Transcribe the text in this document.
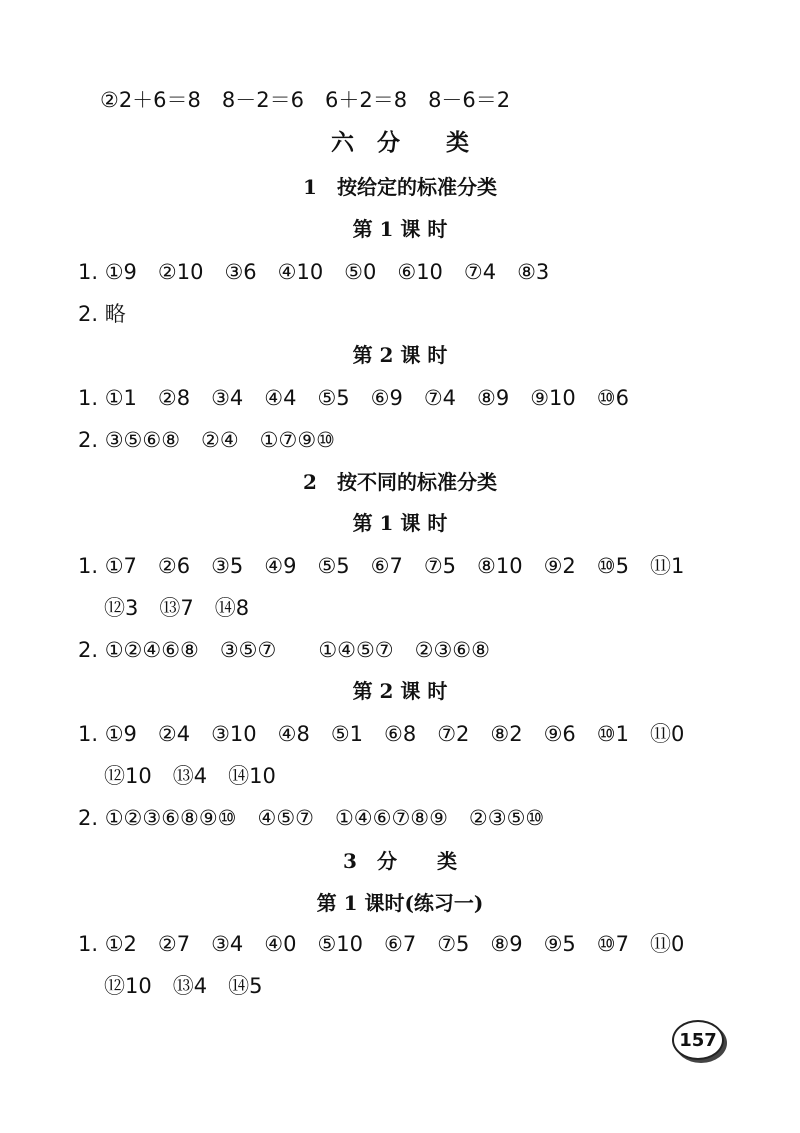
②2＋6＝8　8－2＝6　6＋2＝8　8－6＝2
六　分　　类
1　按给定的标准分类
第 1 课 时
1. ①9　②10　③6　④10　⑤0　⑥10　⑦4　⑧3
2. 略
第 2 课 时
1. ①1　②8　③4　④4　⑤5　⑥9　⑦4　⑧9　⑨10　⑩6
2. ③⑤⑥⑧　②④　①⑦⑨⑩
2　按不同的标准分类
第 1 课 时
1. ①7　②6　③5　④9　⑤5　⑥7　⑦5　⑧10　⑨2　⑩5　⑪1
⑫3　⑬7　⑭8
2. ①②④⑥⑧　③⑤⑦　　①④⑤⑦　②③⑥⑧
第 2 课 时
1. ①9　②4　③10　④8　⑤1　⑥8　⑦2　⑧2　⑨6　⑩1　⑪0
⑫10　⑬4　⑭10
2. ①②③⑥⑧⑨⑩　④⑤⑦　①④⑥⑦⑧⑨　②③⑤⑩
3　分　　类
第 1 课时(练习一)
1. ①2　②7　③4　④0　⑤10　⑥7　⑦5　⑧9　⑨5　⑩7　⑪0
⑫10　⑬4　⑭5
157
